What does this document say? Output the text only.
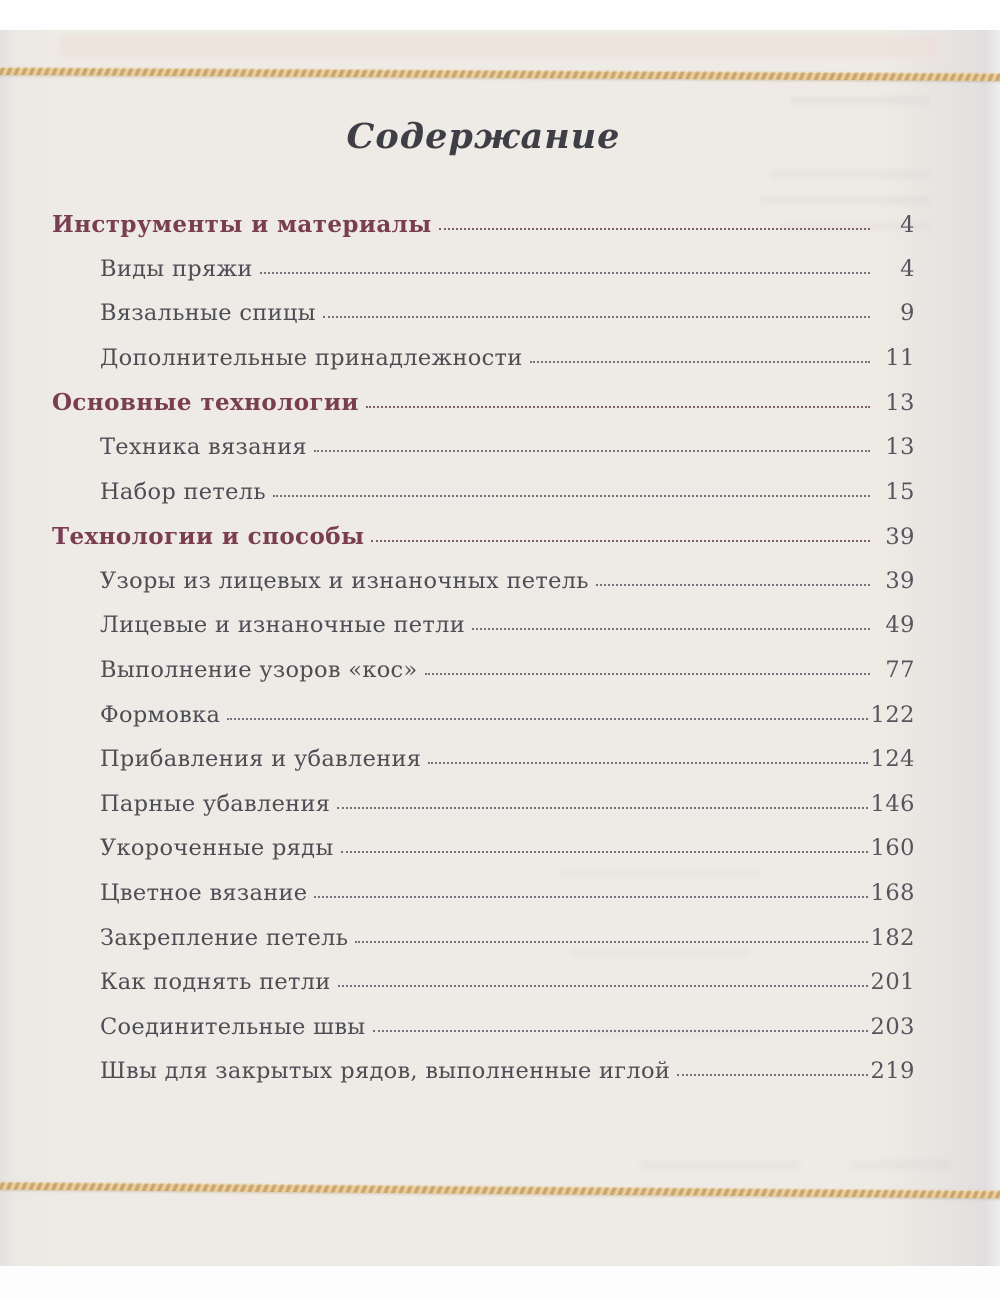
Содержание
Инструменты и материалы	4
Виды пряжи	4
Вязальные спицы	9
Дополнительные принадлежности	11
Основные технологии	13
Техника вязания	13
Набор петель	15
Технологии и способы	39
Узоры из лицевых и изнаночных петель	39
Лицевые и изнаночные петли	49
Выполнение узоров «кос»	77
Формовка	122
Прибавления и убавления	124
Парные убавления	146
Укороченные ряды	160
Цветное вязание	168
Закрепление петель	182
Как поднять петли	201
Соединительные швы	203
Швы для закрытых рядов, выполненные иглой	219
